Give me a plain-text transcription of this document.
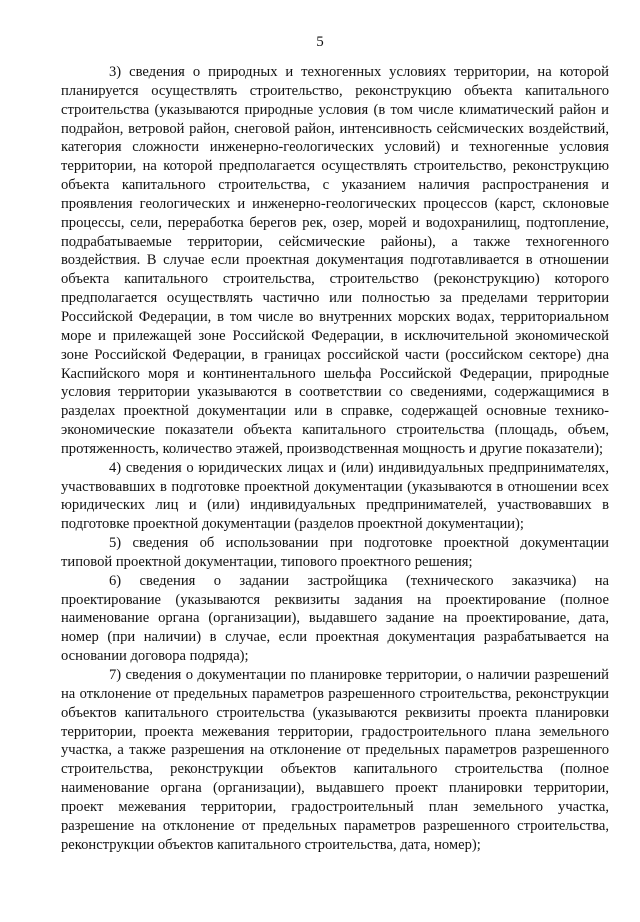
5

3) сведения о природных и техногенных условиях территории, на которой планируется осуществлять строительство, реконструкцию объекта капитального строительства (указываются природные условия (в том числе климатический район и подрайон, ветровой район, снеговой район, интенсивность сейсмических воздействий, категория сложности инженерно-геологических условий) и техногенные условия территории, на которой предполагается осуществлять строительство, реконструкцию объекта капитального строительства, с указанием наличия распространения и проявления геологических и инженерно-геологических процессов (карст, склоновые процессы, сели, переработка берегов рек, озер, морей и водохранилищ, подтопление, подрабатываемые территории, сейсмические районы), а также техногенного воздействия. В случае если проектная документация подготавливается в отношении объекта капитального строительства, строительство (реконструкцию) которого предполагается осуществлять частично или полностью за пределами территории Российской Федерации, в том числе во внутренних морских водах, территориальном море и прилежащей зоне Российской Федерации, в исключительной экономической зоне Российской Федерации, в границах российской части (российском секторе) дна Каспийского моря и континентального шельфа Российской Федерации, природные условия территории указываются в соответствии со сведениями, содержащимися в разделах проектной документации или в справке, содержащей основные технико-экономические показатели объекта капитального строительства (площадь, объем, протяженность, количество этажей, производственная мощность и другие показатели);

4) сведения о юридических лицах и (или) индивидуальных предпринимателях, участвовавших в подготовке проектной документации (указываются в отношении всех юридических лиц и (или) индивидуальных предпринимателей, участвовавших в подготовке проектной документации (разделов проектной документации);

5) сведения об использовании при подготовке проектной документации типовой проектной документации, типового проектного решения;

6) сведения о задании застройщика (технического заказчика) на проектирование (указываются реквизиты задания на проектирование (полное наименование органа (организации), выдавшего задание на проектирование, дата, номер (при наличии) в случае, если проектная документация разрабатывается на основании договора подряда);

7) сведения о документации по планировке территории, о наличии разрешений на отклонение от предельных параметров разрешенного строительства, реконструкции объектов капитального строительства (указываются реквизиты проекта планировки территории, проекта межевания территории, градостроительного плана земельного участка, а также разрешения на отклонение от предельных параметров разрешенного строительства, реконструкции объектов капитального строительства (полное наименование органа (организации), выдавшего проект планировки территории, проект межевания территории, градостроительный план земельного участка, разрешение на отклонение от предельных параметров разрешенного строительства, реконструкции объектов капитального строительства, дата, номер);
